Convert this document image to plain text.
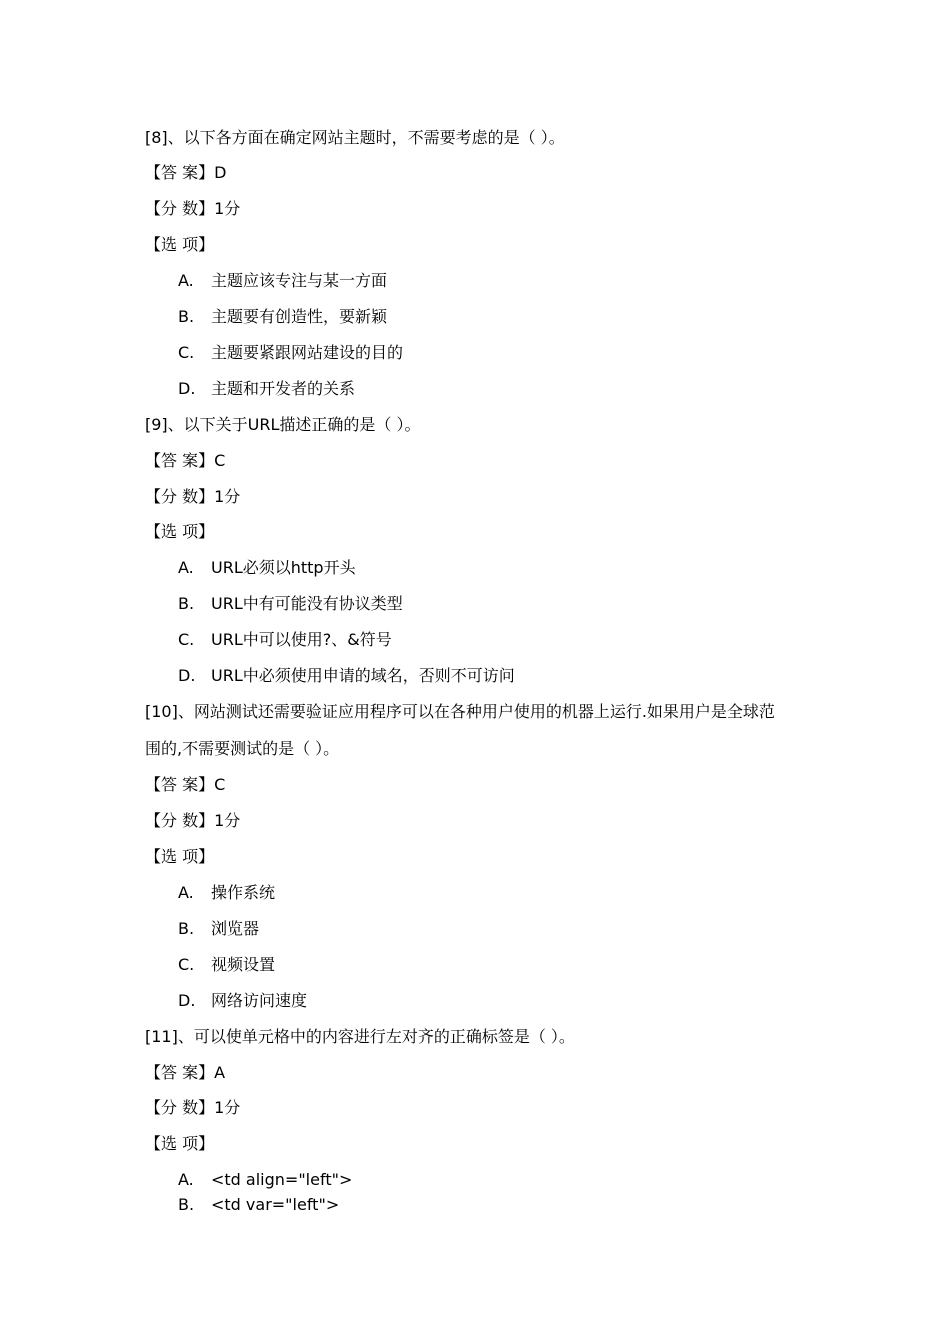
[8]、以下各方面在确定网站主题时，不需要考虑的是（ ）。
【答 案】D
【分 数】1分
【选 项】
A. 主题应该专注与某一方面
B. 主题要有创造性，要新颖
C. 主题要紧跟网站建设的目的
D. 主题和开发者的关系
[9]、以下关于URL描述正确的是（ ）。
【答 案】C
【分 数】1分
【选 项】
A. URL必须以http开头
B. URL中有可能没有协议类型
C. URL中可以使用?、&符号
D. URL中必须使用申请的域名，否则不可访问
[10]、网站测试还需要验证应用程序可以在各种用户使用的机器上运行.如果用户是全球范
围的,不需要测试的是（ ）。
【答 案】C
【分 数】1分
【选 项】
A. 操作系统
B. 浏览器
C. 视频设置
D. 网络访问速度
[11]、可以使单元格中的内容进行左对齐的正确标签是（ ）。
【答 案】A
【分 数】1分
【选 项】
A. <td align="left">
B. <td var="left">
